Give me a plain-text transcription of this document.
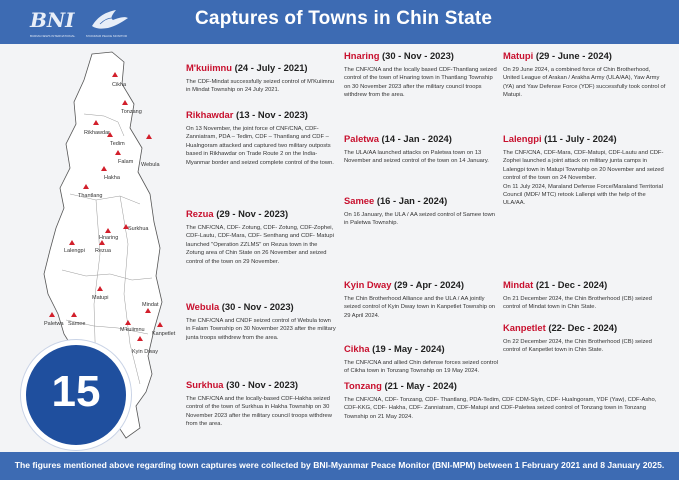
BNI
BURMA NEWS INTERNATIONAL	MYANMAR PEACE MONITOR
Captures of Towns in Chin State
Cikha
Tonzang
Rikhawdar
Tedim
Falam Webula
Surkhua
Hnaring
Lalengpi Rezua
Hakha
Thantlang
Matupi
Paletwa Samee
M'kuiimnu
Mindat
Kanpetlet
Kyin Dway
15
M'kuiimnu (24 - July - 2021)
The CDF-Mindat successfully seized control of M'Kuiimnu in Mindat Township on 24 July 2021.
Rikhawdar (13 - Nov - 2023)
On 13 November, the joint force of CNF/CNA, CDF-Zanniatram, PDA – Tedim, CDF – Thantlang and CDF – Hualngoram attacked and captured two military outposts based in Rikhawdar on Trade Route 2 on the India-Myanmar border and seized complete control of the town.
Rezua (29 - Nov - 2023)
The CNF/CNA, CDF- Zotung, CDF- Zotung, CDF-Zophei, CDF-Lautu, CDF-Mara, CDF- Senthang and CDF- Matupi launched "Operation ZZLMS" on Rezua town in the Zotung area of Chin State on 26 November and seized control of the town on 29 November.
Webula (30 - Nov - 2023)
The CNF/CNA and CNDF seized control of Webula town in Falam Township on 30 November 2023 after the military junta troops withdrew from the area.
Surkhua (30 - Nov - 2023)
The CNF/CNA and the locally-based CDF-Hakha seized control of the town of Surkhua in Hakha Township on 30 November 2023 after the military council troops withdrew from the area.
Hnaring (30 - Nov - 2023)
The CNF/CNA and the locally based CDF-Thantlang seized control of the town of Hnaring town in Thantlang Township on 30 November 2023 after the military council troops withdrew from the area.
Paletwa (14 - Jan - 2024)
The ULA/AA launched attacks on Paletwa town on 13 November and seized control of the town on 14 January.
Samee (16 - Jan - 2024)
On 16 January, the ULA / AA seized control of Samee town in Paletwa Township.
Kyin Dway (29 - Apr - 2024)
The Chin Brotherhood Alliance and the ULA / AA jointly seized control of Kyin Dway town in Kanpetlet Township on 29 April 2024.
Cikha (19 - May - 2024)
The CNF/CNA and allied Chin defense forces seized control of Cikha town in Tonzang Township on 19 May 2024.
Tonzang (21 - May - 2024)
The CNF/CNA, CDF- Tonzang, CDF- Thantlang, PDA-Tedim, CDF CDM-Siyin, CDF- Hualngoram, YDF (Yaw), CDF-Asho, CDF-KKG, CDF- Hakha, CDF- Zanniatram, CDF-Matupi and CDF-Paletwa seized control of Tonzang town in Tonzang Township on 21 May 2024.
Matupi (29 - June - 2024)
On 29 June 2024, a combined force of Chin Brotherhood, United League of Arakan / Arakha Army (ULA/AA), Yaw Army (YA) and Yaw Defense Force (YDF) successfully took control of Matupi.
Lalengpi (11 - July - 2024)
The CNF/CNA, CDF-Mara, CDF-Matupi, CDF-Lautu and CDF-Zophei launched a joint attack on military junta camps in Lalengpi town in Matupi Township on 20 November and seized control of the town on 24 November.
On 11 July 2024, Maraland Defense Force/Maraland Territorial Council (MDF/ MTC) retook Lallenpi with the help of the ULA/AA.
Mindat (21 - Dec - 2024)
On 21 December 2024, the Chin Brotherhood (CB) seized control of Mindat town in Chin State.
Kanpetlet (22- Dec - 2024)
On 22 December 2024, the Chin Brotherhood (CB) seized control of Kanpetlet town in Chin State.
The figures mentioned above regarding town captures were collected by BNI-Myanmar Peace Monitor (BNI-MPM) between 1 February 2021 and 8 January 2025.
